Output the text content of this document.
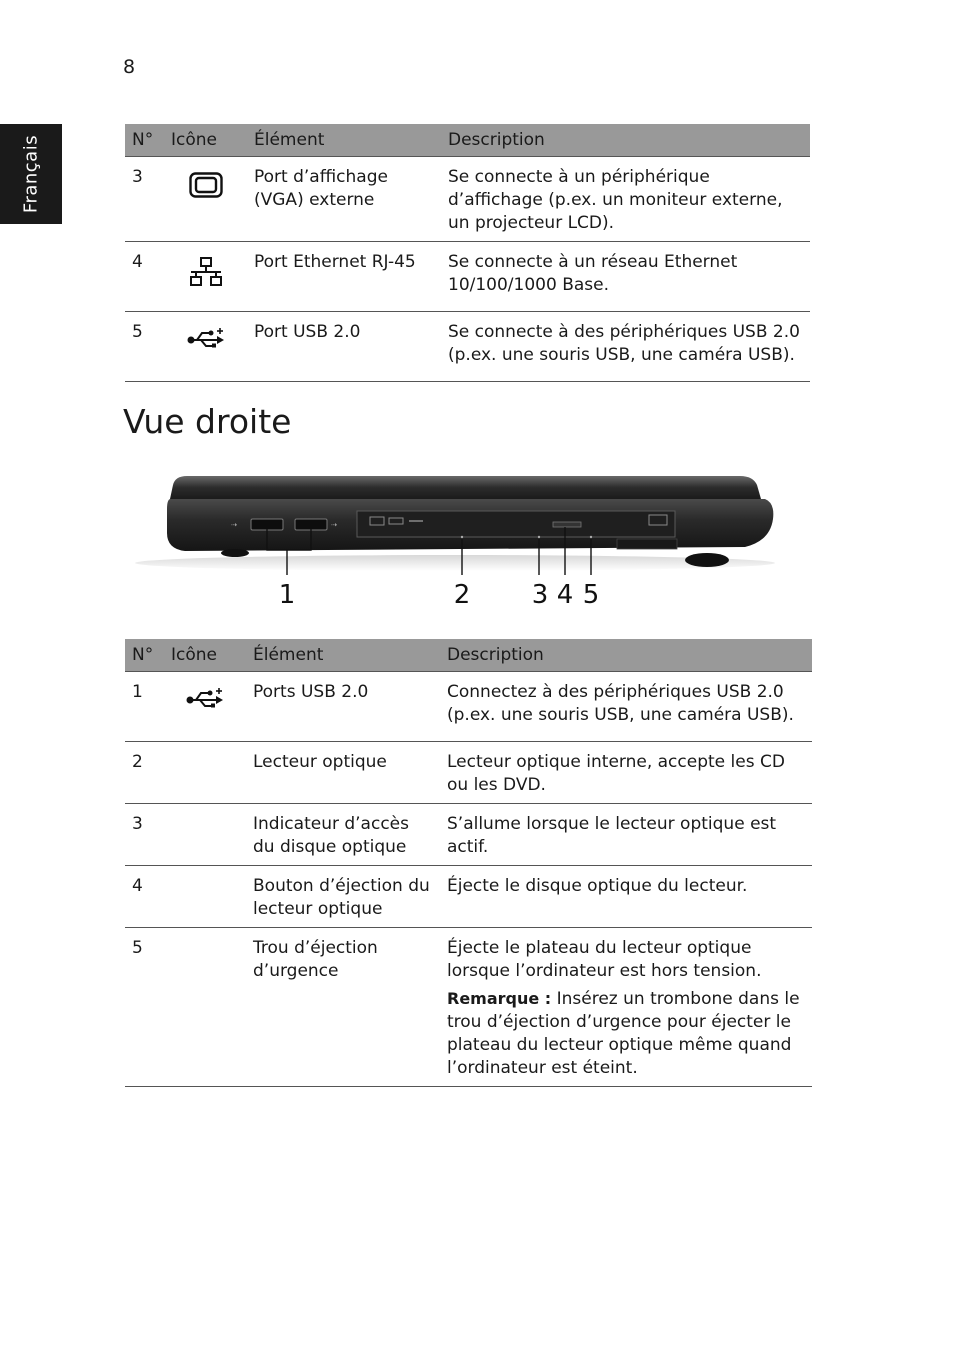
8
Français	N°	Icône	Élément	Description
3		Port d’affichage (VGA) externe	Se connecte à un périphérique d’affichage (p.ex. un moniteur externe, un projecteur LCD).
4		Port Ethernet RJ-45	Se connecte à un réseau Ethernet 10/100/1000 Base.
5		Port USB 2.0	Se connecte à des périphériques USB 2.0 (p.ex. une souris USB, une caméra USB).
Vue droite
⇢	⇢
1	2 3 4 5
N°	Icône	Élément	Description
1		Ports USB 2.0	Connectez à des périphériques USB 2.0 (p.ex. une souris USB, une caméra USB).
2		Lecteur optique	Lecteur optique interne, accepte les CD ou les DVD.
3		Indicateur d’accès du disque optique	S’allume lorsque le lecteur optique est actif.
4		Bouton d’éjection du lecteur optique	Éjecte le disque optique du lecteur.
5		Trou d’éjection d’urgence	Éjecte le plateau du lecteur optique lorsque l’ordinateur est hors tension.

Remarque : Insérez un trombone dans le trou d’éjection d’urgence pour éjecter le plateau du lecteur optique même quand l’ordinateur est éteint.
